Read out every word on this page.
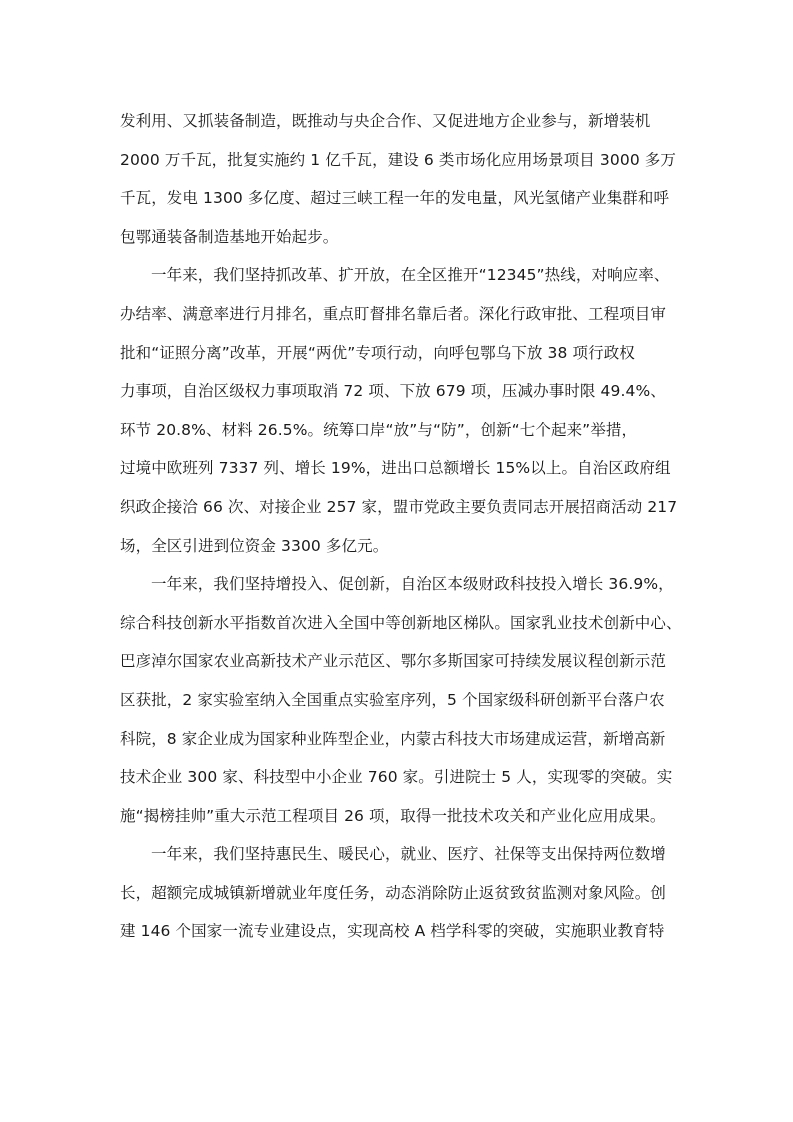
发利用、又抓装备制造，既推动与央企合作、又促进地方企业参与，新增装机
2000 万千瓦，批复实施约 1 亿千瓦，建设 6 类市场化应用场景项目 3000 多万
千瓦，发电 1300 多亿度、超过三峡工程一年的发电量，风光氢储产业集群和呼
包鄂通装备制造基地开始起步。
一年来，我们坚持抓改革、扩开放，在全区推开“12345”热线，对响应率、
办结率、满意率进行月排名，重点盯督排名靠后者。深化行政审批、工程项目审
批和“证照分离”改革，开展“两优”专项行动，向呼包鄂乌下放 38 项行政权
力事项，自治区级权力事项取消 72 项、下放 679 项，压减办事时限 49.4%、
环节 20.8%、材料 26.5%。统筹口岸“放”与“防”，创新“七个起来”举措，
过境中欧班列 7337 列、增长 19%，进出口总额增长 15%以上。自治区政府组
织政企接洽 66 次、对接企业 257 家，盟市党政主要负责同志开展招商活动 217
场，全区引进到位资金 3300 多亿元。
一年来，我们坚持增投入、促创新，自治区本级财政科技投入增长 36.9%，
综合科技创新水平指数首次进入全国中等创新地区梯队。国家乳业技术创新中心、
巴彦淖尔国家农业高新技术产业示范区、鄂尔多斯国家可持续发展议程创新示范
区获批，2 家实验室纳入全国重点实验室序列，5 个国家级科研创新平台落户农
科院，8 家企业成为国家种业阵型企业，内蒙古科技大市场建成运营，新增高新
技术企业 300 家、科技型中小企业 760 家。引进院士 5 人，实现零的突破。实
施“揭榜挂帅”重大示范工程项目 26 项，取得一批技术攻关和产业化应用成果。
一年来，我们坚持惠民生、暖民心，就业、医疗、社保等支出保持两位数增
长，超额完成城镇新增就业年度任务，动态消除防止返贫致贫监测对象风险。创
建 146 个国家一流专业建设点，实现高校 A 档学科零的突破，实施职业教育特
